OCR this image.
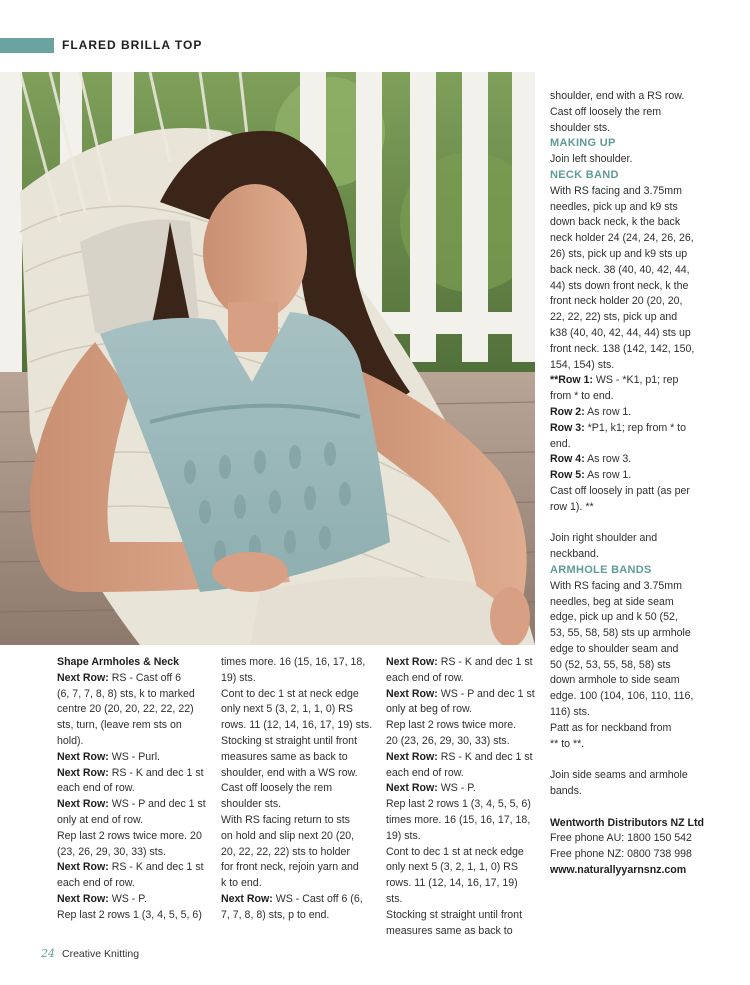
FLARED BRILLA TOP

shoulder, end with a RS row.

Cast off loosely the rem

shoulder sts.

MAKING UP

Join left shoulder.

NECK BAND

With RS facing and 3.75mm

needles, pick up and k9 sts

down back neck, k the back

neck holder 24 (24, 24, 26, 26,

26) sts, pick up and k9 sts up

back neck. 38 (40, 40, 42, 44,

44) sts down front neck, k the

front neck holder 20 (20, 20,

22, 22, 22) sts, pick up and

k38 (40, 40, 42, 44, 44) sts up

front neck. 138 (142, 142, 150,

154, 154) sts.

**Row 1: WS - *K1, p1; rep

from * to end.

Row 2: As row 1.

Row 3: *P1, k1; rep from * to

end.

Row 4: As row 3.

Row 5: As row 1.

Cast off loosely in patt (as per

row 1). **

Join right shoulder and

neckband.

ARMHOLE BANDS

With RS facing and 3.75mm

needles, beg at side seam

edge, pick up and k 50 (52,

53, 55, 58, 58) sts up armhole

edge to shoulder seam and

50 (52, 53, 55, 58, 58) sts

down armhole to side seam

edge. 100 (104, 106, 110, 116,

116) sts.

Patt as for neckband from

** to **.

Join side seams and armhole

bands.

Wentworth Distributors NZ Ltd

Free phone AU: 1800 150 542

Free phone NZ: 0800 738 998

www.naturallyyarnsnz.com

Shape Armholes & Neck

Next Row: RS - Cast off 6

(6, 7, 7, 8, 8) sts, k to marked

centre 20 (20, 20, 22, 22, 22)

sts, turn, (leave rem sts on

hold).

Next Row: WS - Purl.

Next Row: RS - K and dec 1 st

each end of row.

Next Row: WS - P and dec 1 st

only at end of row.

Rep last 2 rows twice more. 20

(23, 26, 29, 30, 33) sts.

Next Row: RS - K and dec 1 st

each end of row.

Next Row: WS - P.

Rep last 2 rows 1 (3, 4, 5, 5, 6)

times more. 16 (15, 16, 17, 18,

19) sts.

Cont to dec 1 st at neck edge

only next 5 (3, 2, 1, 1, 0) RS

rows. 11 (12, 14, 16, 17, 19) sts.

Stocking st straight until front

measures same as back to

shoulder, end with a WS row.

Cast off loosely the rem

shoulder sts.

With RS facing return to sts

on hold and slip next 20 (20,

20, 22, 22, 22) sts to holder

for front neck, rejoin yarn and

k to end.

Next Row: WS - Cast off 6 (6,

7, 7, 8, 8) sts, p to end.

Next Row: RS - K and dec 1 st

each end of row.

Next Row: WS - P and dec 1 st

only at beg of row.

Rep last 2 rows twice more.

20 (23, 26, 29, 30, 33) sts.

Next Row: RS - K and dec 1 st

each end of row.

Next Row: WS - P.

Rep last 2 rows 1 (3, 4, 5, 5, 6)

times more. 16 (15, 16, 17, 18,

19) sts.

Cont to dec 1 st at neck edge

only next 5 (3, 2, 1, 1, 0) RS

rows. 11 (12, 14, 16, 17, 19) sts.

Stocking st straight until front

measures same as back to

24 Creative Knitting
